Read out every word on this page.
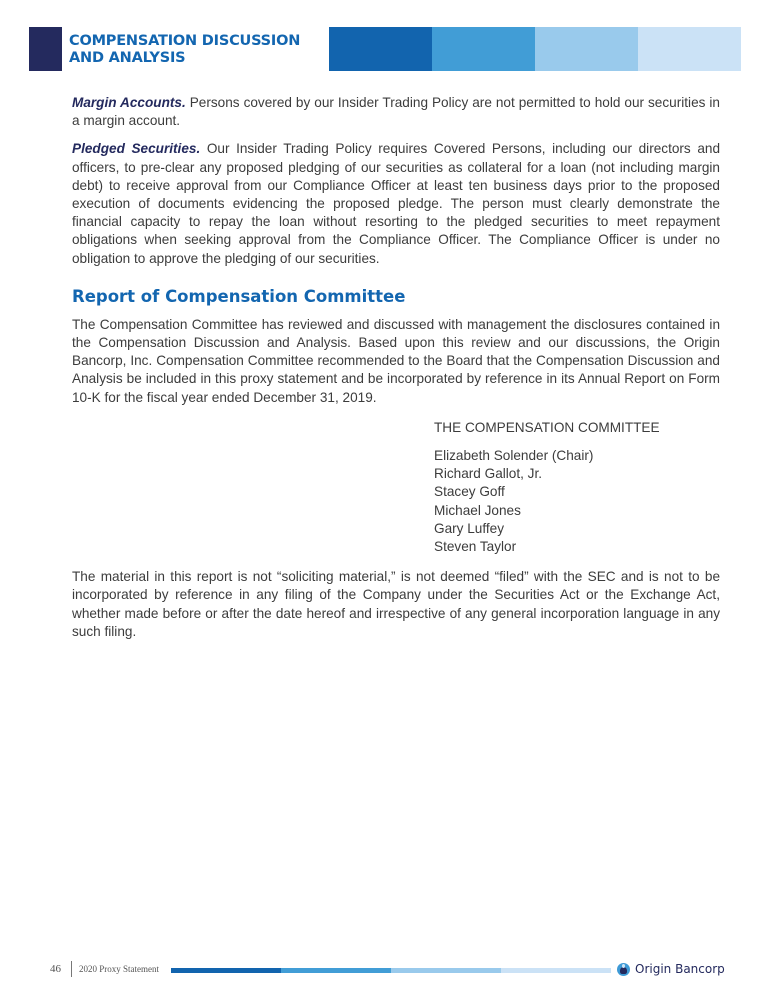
COMPENSATION DISCUSSION
AND ANALYSIS

Margin Accounts. Persons covered by our Insider Trading Policy are not permitted to hold our securities in a margin account.

Pledged Securities. Our Insider Trading Policy requires Covered Persons, including our directors and officers, to pre-clear any proposed pledging of our securities as collateral for a loan (not including margin debt) to receive approval from our Compliance Officer at least ten business days prior to the proposed execution of documents evidencing the proposed pledge. The person must clearly demonstrate the financial capacity to repay the loan without resorting to the pledged securities to meet repayment obligations when seeking approval from the Compliance Officer. The Compliance Officer is under no obligation to approve the pledging of our securities.

Report of Compensation Committee

The Compensation Committee has reviewed and discussed with management the disclosures contained in the Compensation Discussion and Analysis. Based upon this review and our discussions, the Origin Bancorp, Inc. Compensation Committee recommended to the Board that the Compensation Discussion and Analysis be included in this proxy statement and be incorporated by reference in its Annual Report on Form 10-K for the fiscal year ended December 31, 2019.

THE COMPENSATION COMMITTEE
Elizabeth Solender (Chair)
Richard Gallot, Jr.
Stacey Goff
Michael Jones
Gary Luffey
Steven Taylor

The material in this report is not “soliciting material,” is not deemed “filed” with the SEC and is not to be incorporated by reference in any filing of the Company under the Securities Act or the Exchange Act, whether made before or after the date hereof and irrespective of any general incorporation language in any such filing.

46 2020 Proxy Statement	Origin Bancorp
